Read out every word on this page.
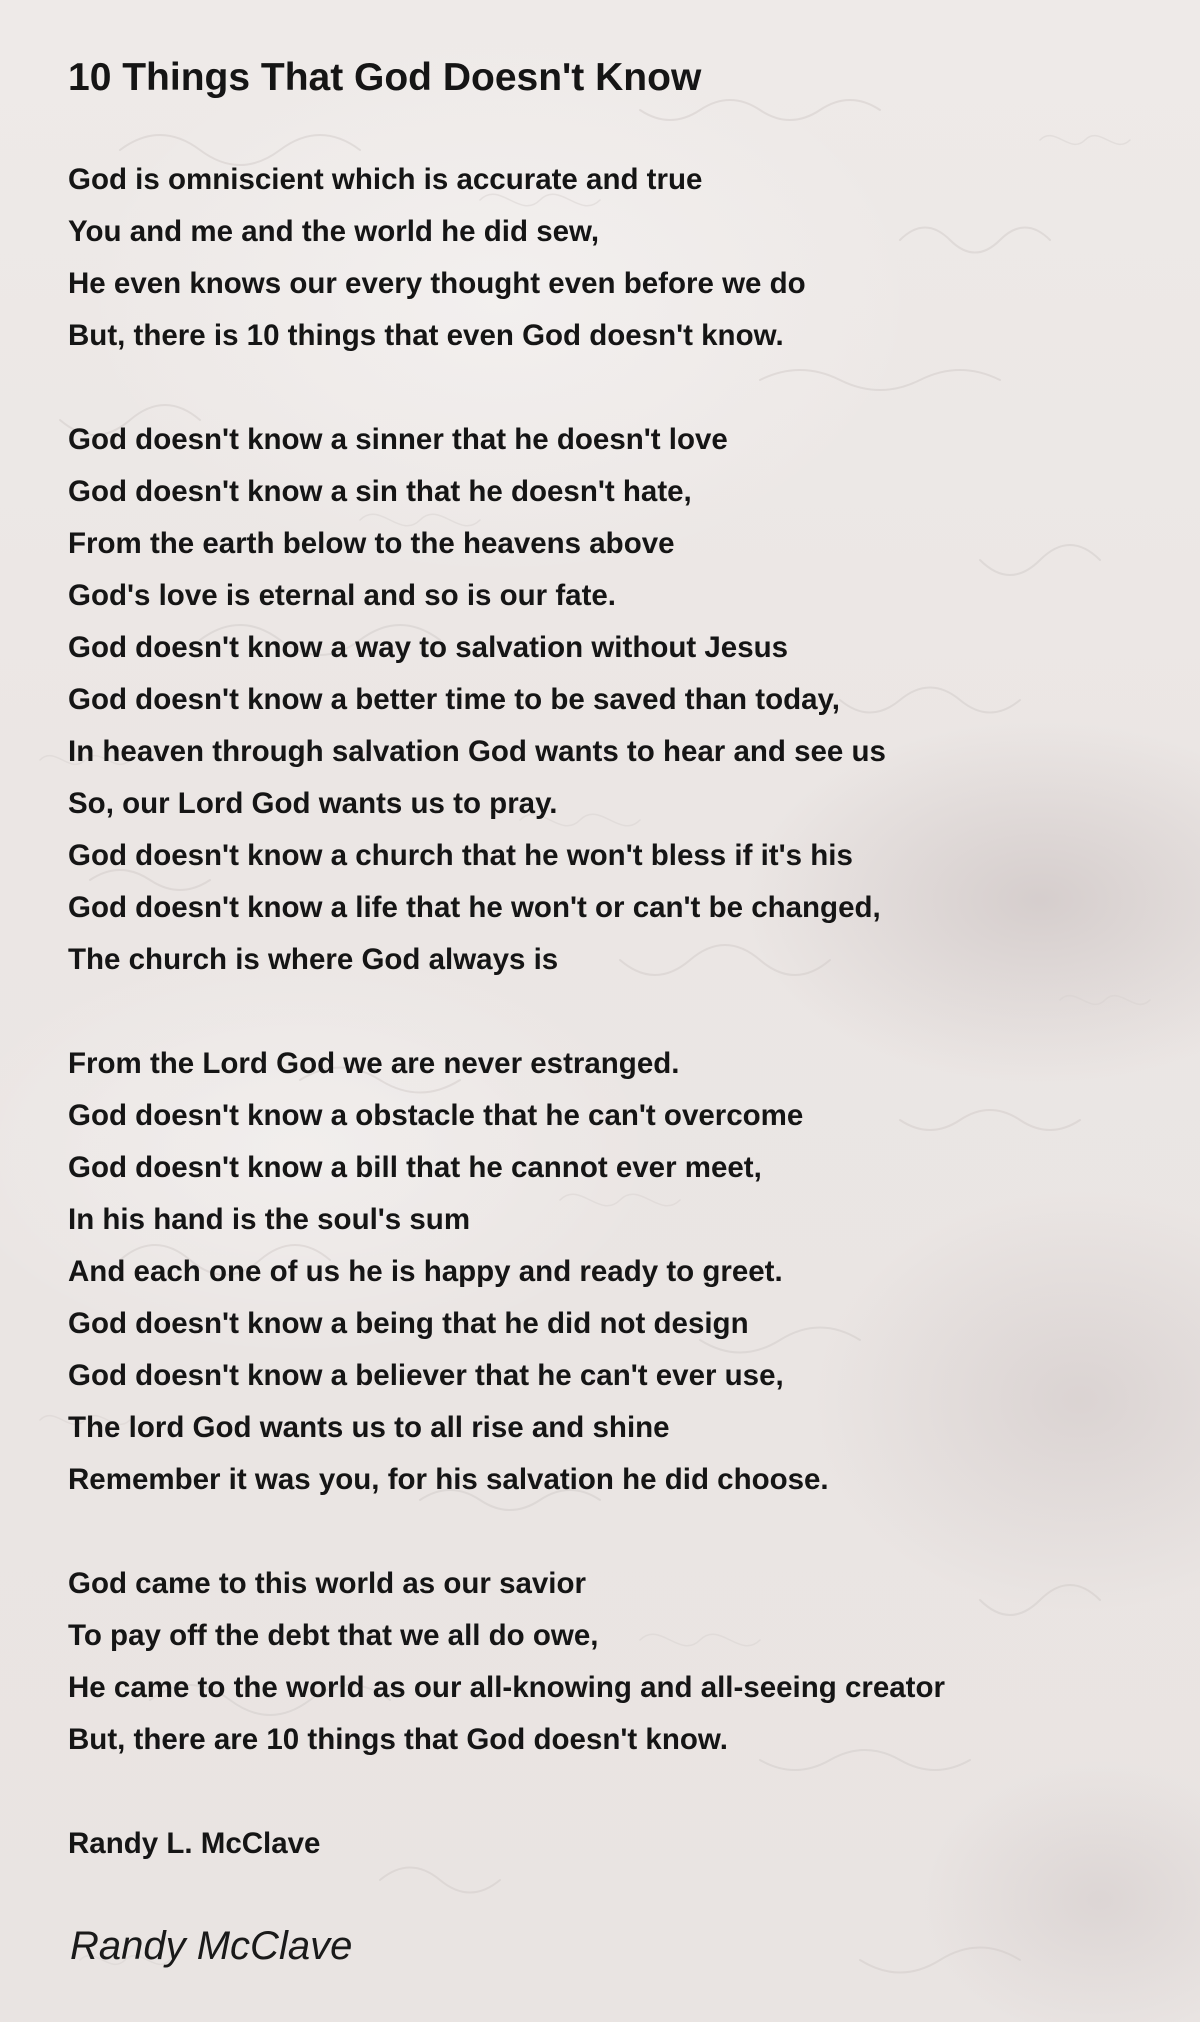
10 Things That God Doesn't Know
God is omniscient which is accurate and true
You and me and the world he did sew,
He even knows our every thought even before we do
But, there is 10 things that even God doesn't know.
God doesn't know a sinner that he doesn't love
God doesn't know a sin that he doesn't hate,
From the earth below to the heavens above
God's love is eternal and so is our fate.
God doesn't know a way to salvation without Jesus
God doesn't know a better time to be saved than today,
In heaven through salvation God wants to hear and see us
So, our Lord God wants us to pray.
God doesn't know a church that he won't bless if it's his
God doesn't know a life that he won't or can't be changed,
The church is where God always is
From the Lord God we are never estranged.
God doesn't know a obstacle that he can't overcome
God doesn't know a bill that he cannot ever meet,
In his hand is the soul's sum
And each one of us he is happy and ready to greet.
God doesn't know a being that he did not design
God doesn't know a believer that he can't ever use,
The lord God wants us to all rise and shine
Remember it was you, for his salvation he did choose.
God came to this world as our savior
To pay off the debt that we all do owe,
He came to the world as our all-knowing and all-seeing creator
But, there are 10 things that God doesn't know.
Randy L. McClave
Randy McClave
